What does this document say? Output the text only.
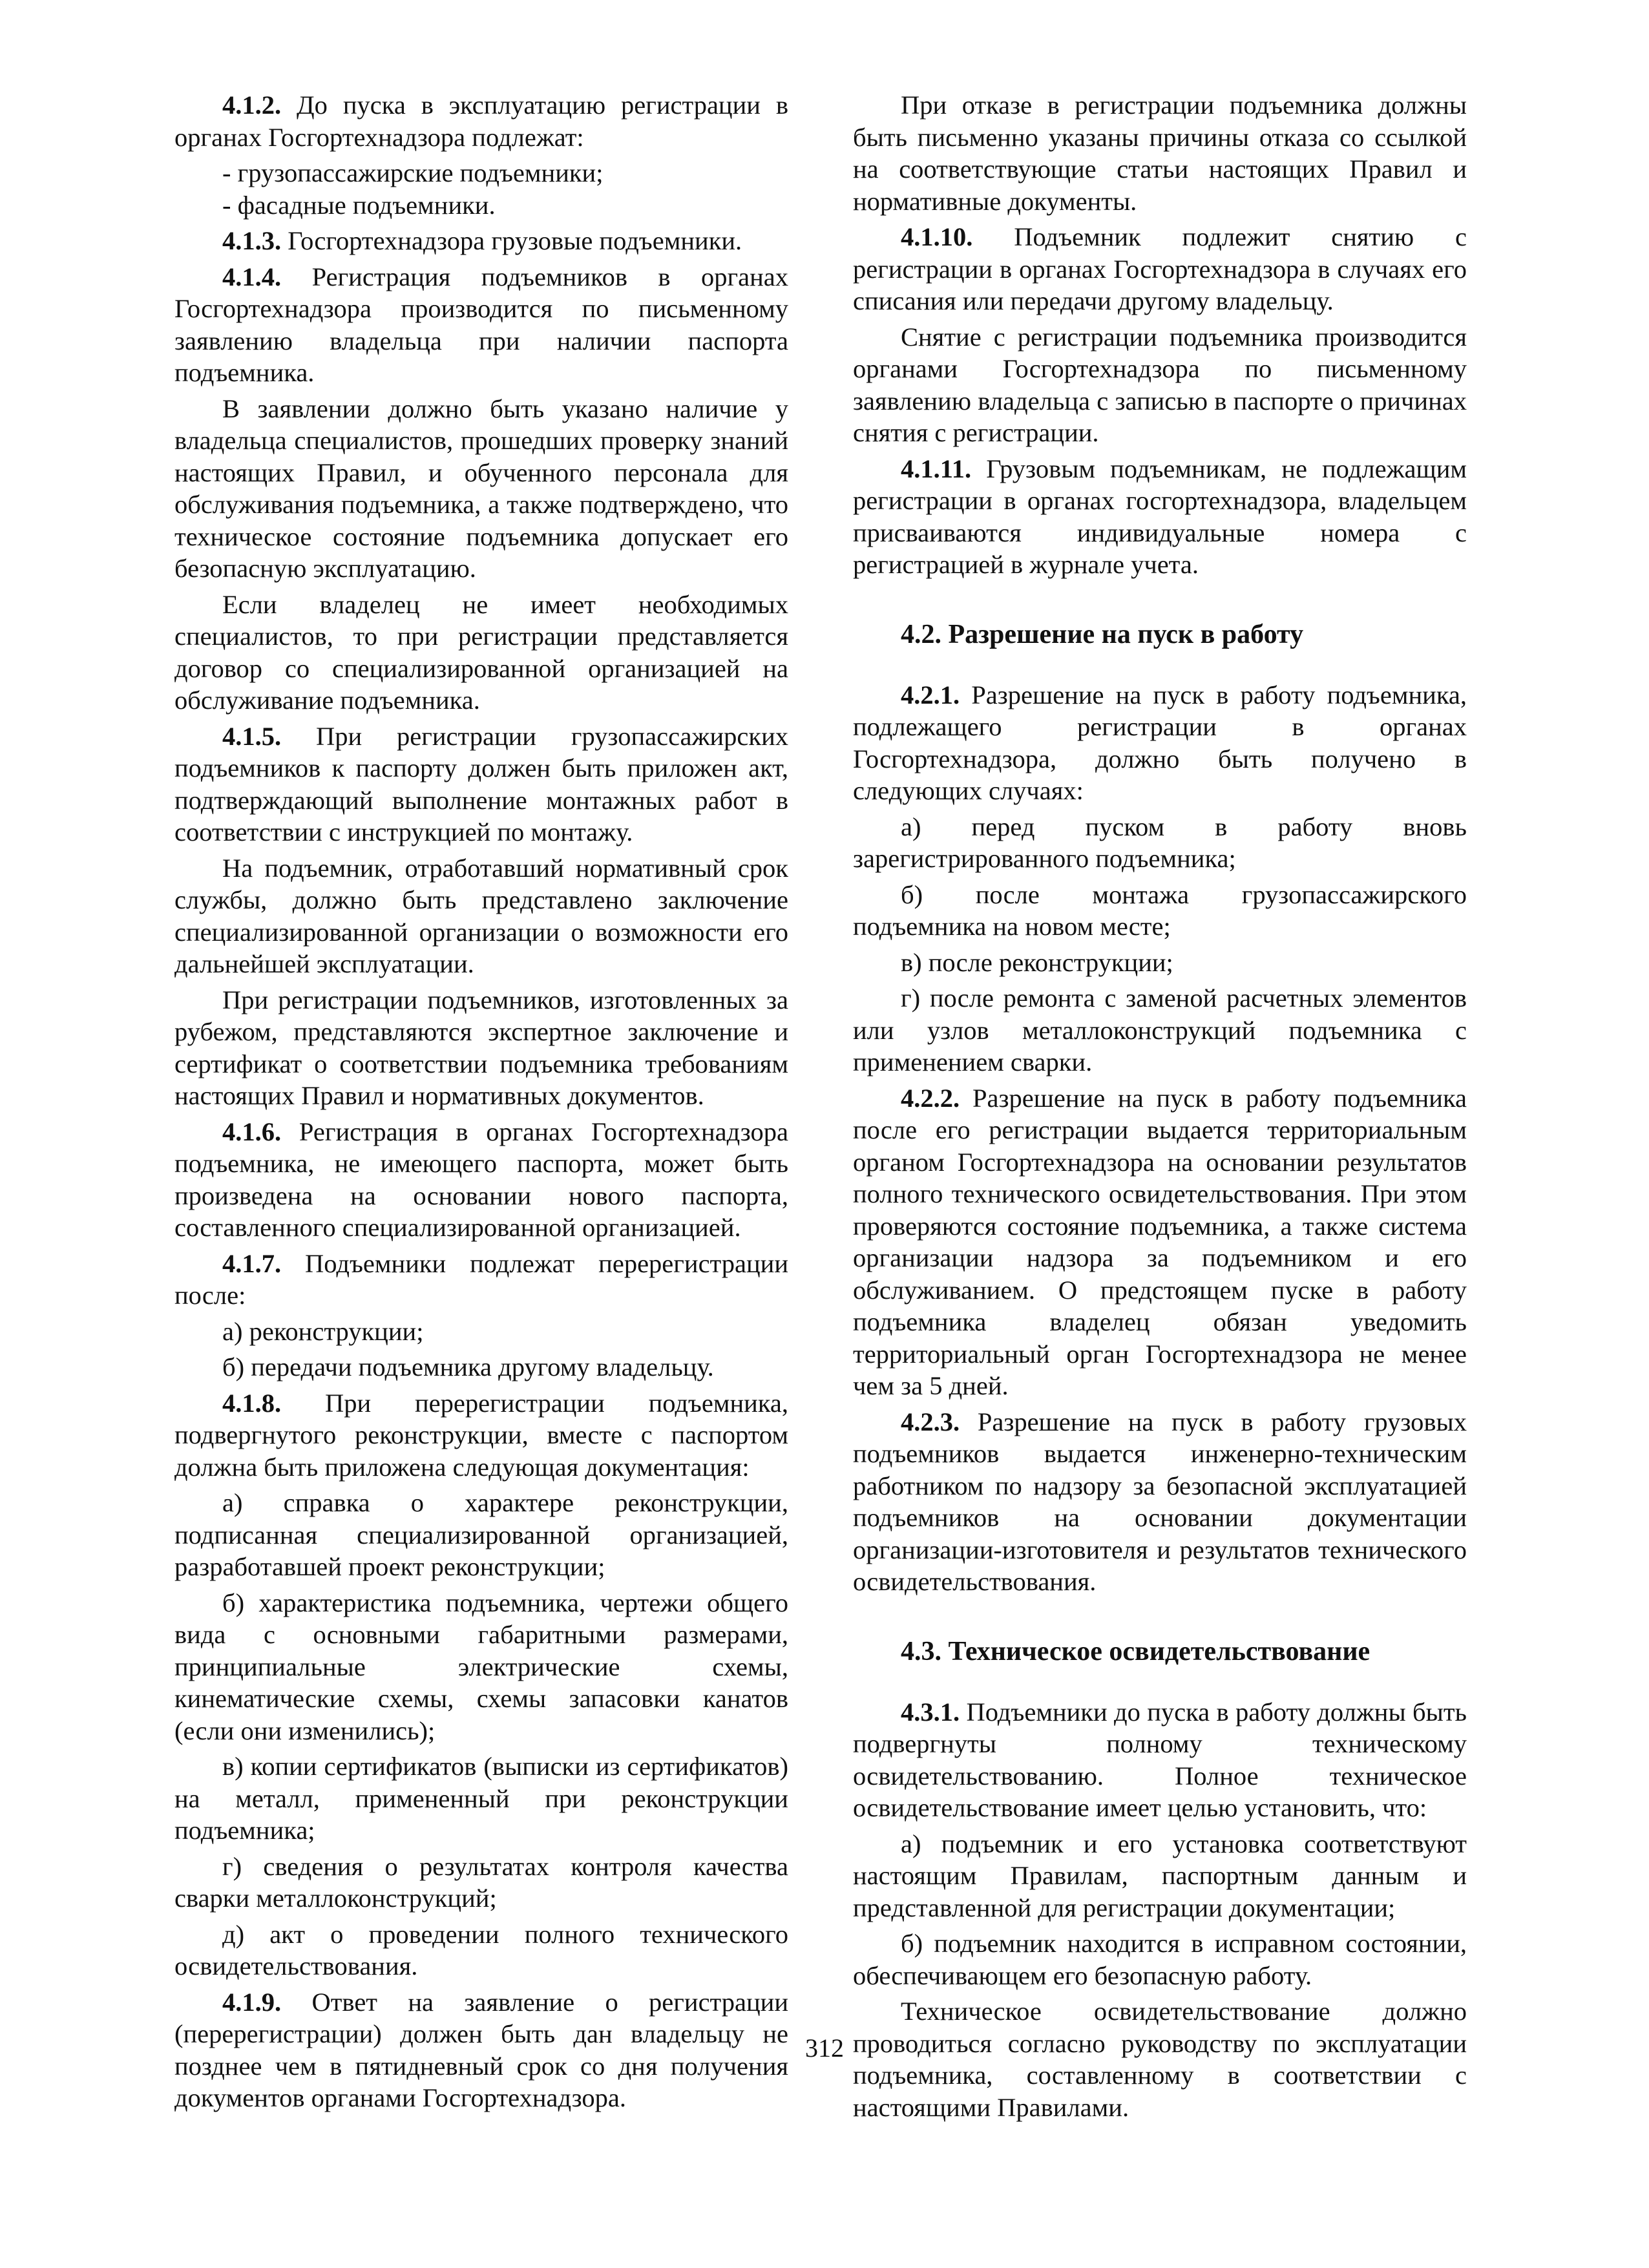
4.1.2. До пуска в эксплуатацию регистрации в органах Госгортехнадзора подлежат:

- грузопассажирские подъемники;

- фасадные подъемники.

4.1.3. Госгортехнадзора грузовые подъемники.

4.1.4. Регистрация подъемников в органах Госгортехнадзора производится по письменному заявлению владельца при наличии паспорта подъемника.

В заявлении должно быть указано наличие у владельца специалистов, прошедших проверку знаний настоящих Правил, и обученного персонала для обслуживания подъемника, а также подтверждено, что техническое состояние подъемника допускает его безопасную эксплуатацию.

Если владелец не имеет необходимых специалистов, то при регистрации представляется договор со специализированной организацией на обслуживание подъемника.

4.1.5. При регистрации грузопассажирских подъемников к паспорту должен быть приложен акт, подтверждающий выполнение монтажных работ в соответствии с инструкцией по монтажу.

На подъемник, отработавший нормативный срок службы, должно быть представлено заключение специализированной организации о возможности его дальнейшей эксплуатации.

При регистрации подъемников, изготовленных за рубежом, представляются экспертное заключение и сертификат о соответствии подъемника требованиям настоящих Правил и нормативных документов.

4.1.6. Регистрация в органах Госгортехнадзора подъемника, не имеющего паспорта, может быть произведена на основании нового паспорта, составленного специализированной организацией.

4.1.7. Подъемники подлежат перерегистрации после:

а) реконструкции;

б) передачи подъемника другому владельцу.

4.1.8. При перерегистрации подъемника, подвергнутого реконструкции, вместе с паспортом должна быть приложена следующая документация:

а) справка о характере реконструкции, подписанная специализированной организацией, разработавшей проект реконструкции;

б) характеристика подъемника, чертежи общего вида с основными габаритными размерами, принципиальные электрические схемы, кинематические схемы, схемы запасовки канатов (если они изменились);

в) копии сертификатов (выписки из сертификатов) на металл, примененный при реконструкции подъемника;

г) сведения о результатах контроля качества сварки металлоконструкций;

д) акт о проведении полного технического освидетельствования.

4.1.9. Ответ на заявление о регистрации (перерегистрации) должен быть дан владельцу не позднее чем в пятидневный срок со дня получения документов органами Госгортехнадзора.

При отказе в регистрации подъемника должны быть письменно указаны причины отказа со ссылкой на соответствующие статьи настоящих Правил и нормативные документы.

4.1.10. Подъемник подлежит снятию с регистрации в органах Госгортехнадзора в случаях его списания или передачи другому владельцу.

Снятие с регистрации подъемника производится органами Госгортехнадзора по письменному заявлению владельца с записью в паспорте о причинах снятия с регистрации.

4.1.11. Грузовым подъемникам, не подлежащим регистрации в органах госгортехнадзора, владельцем присваиваются индивидуальные номера с регистрацией в журнале учета.

4.2. Разрешение на пуск в работу

4.2.1. Разрешение на пуск в работу подъемника, подлежащего регистрации в органах Госгортехнадзора, должно быть получено в следующих случаях:

а) перед пуском в работу вновь зарегистрированного подъемника;

б) после монтажа грузопассажирского подъемника на новом месте;

в) после реконструкции;

г) после ремонта с заменой расчетных элементов или узлов металлоконструкций подъемника с применением сварки.

4.2.2. Разрешение на пуск в работу подъемника после его регистрации выдается территориальным органом Госгортехнадзора на основании результатов полного технического освидетельствования. При этом проверяются состояние подъемника, а также система организации надзора за подъемником и его обслуживанием. О предстоящем пуске в работу подъемника владелец обязан уведомить территориальный орган Госгортехнадзора не менее чем за 5 дней.

4.2.3. Разрешение на пуск в работу грузовых подъемников выдается инженерно-техническим работником по надзору за безопасной эксплуатацией подъемников на основании документации организации-изготовителя и результатов технического освидетельствования.

4.3. Техническое освидетельствование

4.3.1. Подъемники до пуска в работу должны быть подвергнуты полному техническому освидетельствованию. Полное техническое освидетельствование имеет целью установить, что:

а) подъемник и его установка соответствуют настоящим Правилам, паспортным данным и представленной для регистрации документации;

б) подъемник находится в исправном состоянии, обеспечивающем его безопасную работу.

Техническое освидетельствование должно проводиться согласно руководству по эксплуатации подъемника, составленному в соответствии с настоящими Правилами.

312
